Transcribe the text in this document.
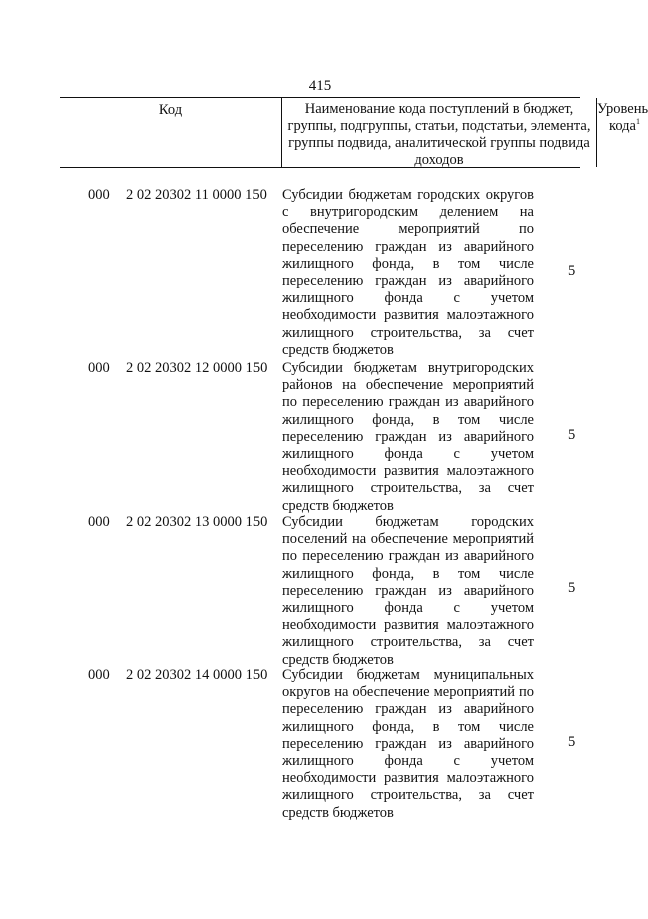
415
Код	Наименование кода поступлений в бюджет, группы, подгруппы, статьи, подстатьи, элемента, группы подвида, аналитической группы подвида доходов
Уровень кода$^1$
000 2 02 20302 11 0000 150 Субсидии бюджетам городских округов с внутригородским делением на обеспечение мероприятий по переселению граждан из аварийного жилищного фонда, в том числе переселению граждан из аварийного жилищного фонда с учетом необходимости развития малоэтажного жилищного строительства, за счет средств бюджетов
5
000 2 02 20302 12 0000 150 Субсидии бюджетам внутригородских районов на обеспечение мероприятий по переселению граждан из аварийного жилищного фонда, в том числе переселению граждан из аварийного жилищного фонда с учетом необходимости развития малоэтажного жилищного строительства, за счет средств бюджетов
5
000 2 02 20302 13 0000 150 Субсидии бюджетам городских поселений на обеспечение мероприятий по переселению граждан из аварийного жилищного фонда, в том числе переселению граждан из аварийного жилищного фонда с учетом необходимости развития малоэтажного жилищного строительства, за счет средств бюджетов
5
000 2 02 20302 14 0000 150 Субсидии бюджетам муниципальных округов на обеспечение мероприятий по переселению граждан из аварийного жилищного фонда, в том числе переселению граждан из аварийного жилищного фонда с учетом необходимости развития малоэтажного жилищного строительства, за счет средств бюджетов
5
